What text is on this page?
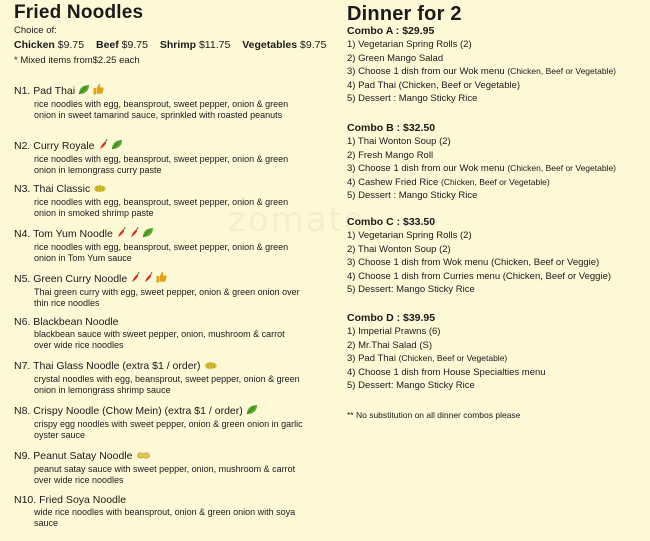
zomato
Fried Noodles
Choice of:
Chicken $9.75 Beef $9.75 Shrimp $11.75 Vegetables $9.75
* Mixed items from$2.25 each
N1. Pad Thai
rice noodles with egg, beansprout, sweet pepper, onion & green onion in sweet tamarind sauce, sprinkled with roasted peanuts
N2. Curry Royale
rice noodles with egg, beansprout, sweet pepper, onion & green onion in lemongrass curry paste
N3. Thai Classic
rice noodles with egg, beansprout, sweet pepper, onion & green onion in smoked shrimp paste
N4. Tom Yum Noodle
rice noodles with egg, beansprout, sweet pepper, onion & green onion in Tom Yum sauce
N5. Green Curry Noodle
Thai green curry with egg, sweet pepper, onion & green onion over thin rice noodles
N6. Blackbean Noodle
blackbean sauce with sweet pepper, onion, mushroom & carrot over wide rice noodles
N7. Thai Glass Noodle (extra $1 / order)
crystal noodles with egg, beansprout, sweet pepper, onion & green onion in lemongrass shrimp sauce
N8. Crispy Noodle (Chow Mein) (extra $1 / order)
crispy egg noodles with sweet pepper, onion & green onion in garlic oyster sauce
N9. Peanut Satay Noodle
peanut satay sauce with sweet pepper, onion, mushroom & carrot over wide rice noodles
N10. Fried Soya Noodle
wide rice noodles with beansprout, onion & green onion with soya sauce
Dinner for 2
Combo A : $29.95
1) Vegetarian Spring Rolls (2)
2) Green Mango Salad
3) Choose 1 dish from our Wok menu (Chicken, Beef or Vegetable)
4) Pad Thai (Chicken, Beef or Vegetable)
5) Dessert : Mango Sticky Rice
Combo B : $32.50
1) Thai Wonton Soup (2)
2) Fresh Mango Roll
3) Choose 1 dish from our Wok menu (Chicken, Beef or Vegetable)
4) Cashew Fried Rice (Chicken, Beef or Vegetable)
5) Dessert : Mango Sticky Rice
Combo C : $33.50
1) Vegetarian Spring Rolls (2)
2) Thai Wonton Soup (2)
3) Choose 1 dish from Wok menu (Chicken, Beef or Veggie)
4) Choose 1 dish from Curries menu (Chicken, Beef or Veggie)
5) Dessert: Mango Sticky Rice
Combo D : $39.95
1) Imperial Prawns (6)
2) Mr.Thai Salad (S)
3) Pad Thai (Chicken, Beef or Vegetable)
4) Choose 1 dish from House Specialties menu
5) Dessert: Mango Sticky Rice
** No substitution on all dinner combos please
